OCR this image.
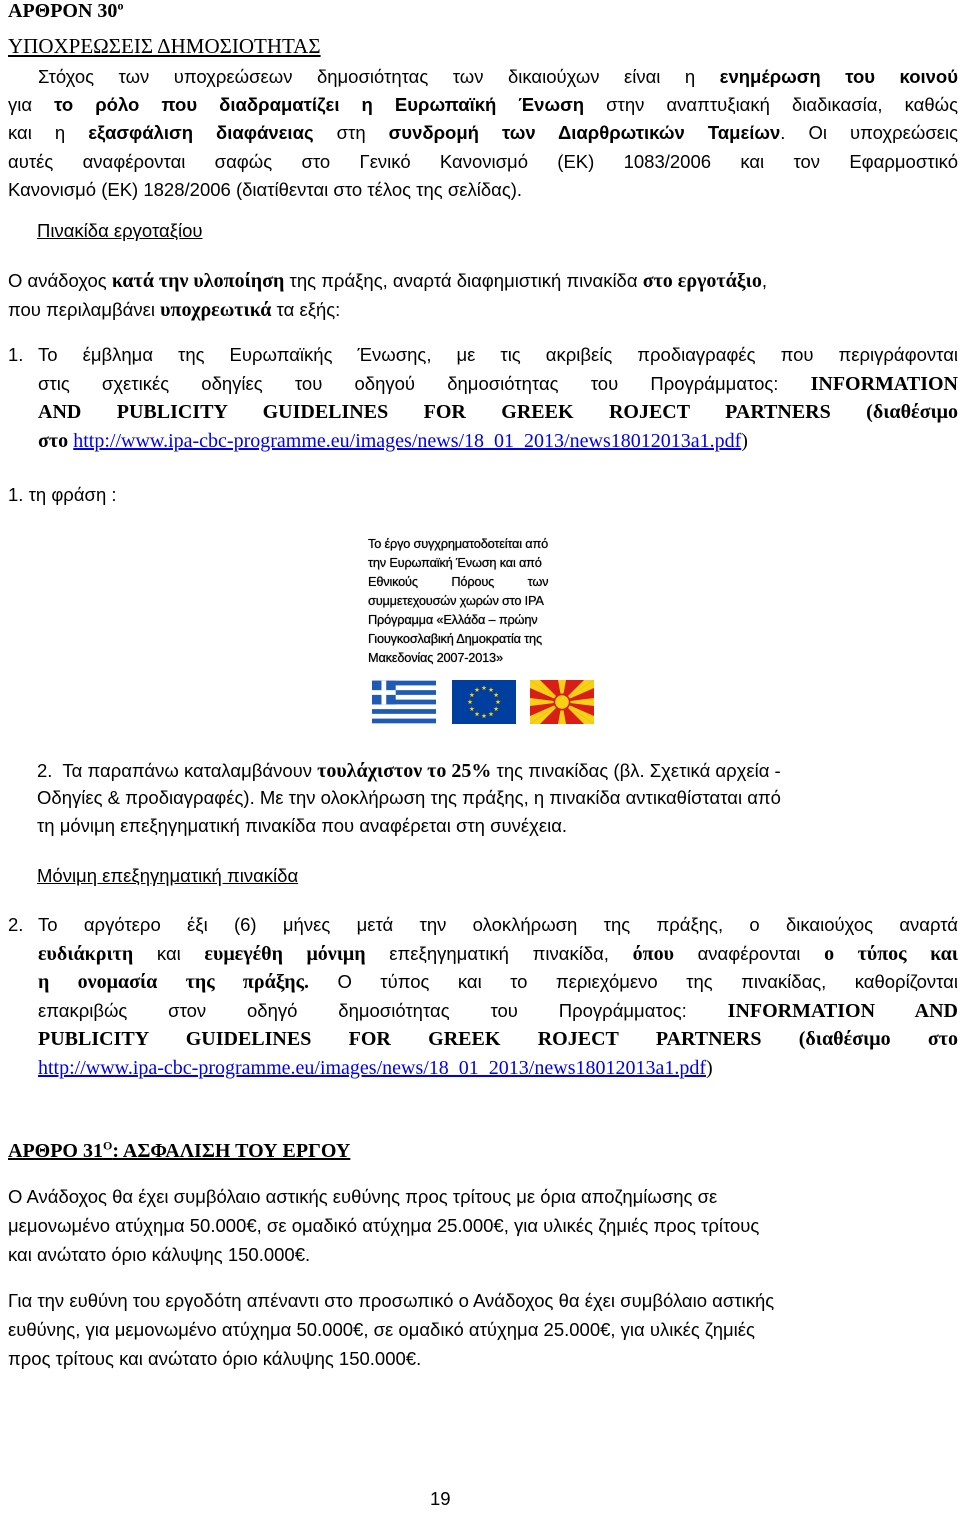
ΑΡΘΡΟΝ $30^o$
ΥΠΟΧΡΕΩΣΕΙΣ ΔΗΜΟΣΙΟΤΗΤΑΣ
Στόχος των υποχρεώσεων δημοσιότητας των δικαιούχων είναι η ενημέρωση του κοινού
για το ρόλο που διαδραματίζει η Ευρωπαϊκή Ένωση στην αναπτυξιακή διαδικασία, καθώς
και η εξασφάλιση διαφάνειας στη συνδρομή των Διαρθρωτικών Ταμείων. Οι υποχρεώσεις
αυτές αναφέρονται σαφώς στο Γενικό Κανονισμό (ΕΚ) 1083/2006 και τον Εφαρμοστικό
Κανονισμό (ΕΚ) 1828/2006 (διατίθενται στο τέλος της σελίδας).
Πινακίδα εργοταξίου
Ο ανάδοχος κατά την υλοποίηση της πράξης, αναρτά διαφημιστική πινακίδα στο εργοτάξιο,
που περιλαμβάνει υποχρεωτικά τα εξής:
1. Το έμβλημα της Ευρωπαϊκής Ένωσης, με τις ακριβείς προδιαγραφές που περιγράφονται
στις σχετικές οδηγίες του οδηγού δημοσιότητας του Προγράμματος: INFORMATION
AND PUBLICITY GUIDELINES FOR GREEK ROJECT PARTNERS (διαθέσιμο
στο http://www.ipa-cbc-programme.eu/images/news/18_01_2013/news18012013a1.pdf)
1. τη φράση :
Το έργο συγχρηματοδοτείται από
την Ευρωπαϊκή Ένωση και από
Εθνικούς          Πόρους          των
συμμετεχουσών χωρών στο ΙΡΑ
Πρόγραμμα «Ελλάδα – πρώην
Γιουγκοσλαβική Δημοκρατία της
Μακεδονίας 2007-2013»
2. Τα παραπάνω καταλαμβάνουν τουλάχιστον το 25% της πινακίδας (βλ. Σχετικά αρχεία -
Οδηγίες & προδιαγραφές). Με την ολοκλήρωση της πράξης, η πινακίδα αντικαθίσταται από
τη μόνιμη επεξηγηματική πινακίδα που αναφέρεται στη συνέχεια.
Μόνιμη επεξηγηματική πινακίδα
2. Το αργότερο έξι (6) μήνες μετά την ολοκλήρωση της πράξης, ο δικαιούχος αναρτά
ευδιάκριτη και ευμεγέθη μόνιμη επεξηγηματική πινακίδα, όπου αναφέρονται ο τύπος και
η ονομασία της πράξης. Ο τύπος και το περιεχόμενο της πινακίδας, καθορίζονται
επακριβώς στον οδηγό δημοσιότητας του Προγράμματος: INFORMATION AND
PUBLICITY GUIDELINES FOR GREEK ROJECT PARTNERS (διαθέσιμο στο
http://www.ipa-cbc-programme.eu/images/news/18_01_2013/news18012013a1.pdf)
ΑΡΘΡΟ $31^O$: ΑΣΦΑΛΙΣΗ ΤΟΥ ΕΡΓΟΥ
Ο Ανάδοχος θα έχει συμβόλαιο αστικής ευθύνης προς τρίτους με όρια αποζημίωσης σε
μεμονωμένο ατύχημα 50.000€, σε ομαδικό ατύχημα 25.000€, για υλικές ζημιές προς τρίτους
και ανώτατο όριο κάλυψης 150.000€.
Για την ευθύνη του εργοδότη απέναντι στο προσωπικό ο Ανάδοχος θα έχει συμβόλαιο αστικής
ευθύνης, για μεμονωμένο ατύχημα 50.000€, σε ομαδικό ατύχημα 25.000€, για υλικές ζημιές
προς τρίτους και ανώτατο όριο κάλυψης 150.000€.
19
